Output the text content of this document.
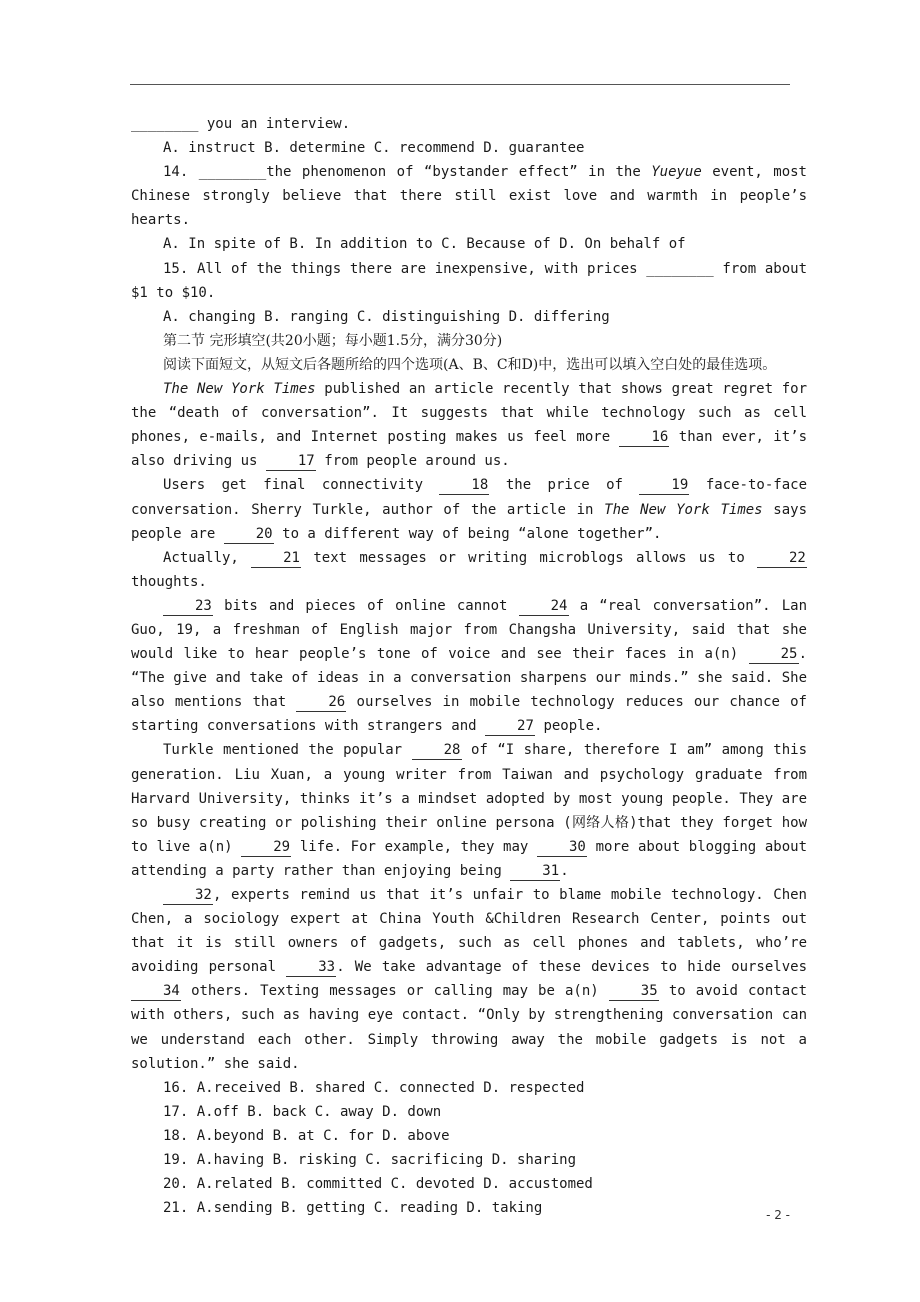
________ you an interview.

A. instruct B. determine C. recommend D. guarantee

14. ________the phenomenon of “bystander effect” in the Yueyue event, most Chinese strongly believe that there still exist love and warmth in people’s hearts.

A. In spite of B. In addition to C. Because of D. On behalf of

15. All of the things there are inexpensive, with prices ________ from about $1 to $10.

A. changing B. ranging C. distinguishing D. differing

第二节 完形填空(共20小题；每小题1.5分，满分30分)

阅读下面短文，从短文后各题所给的四个选项(A、B、C和D)中，选出可以填入空白处的最佳选项。

The New York Times published an article recently that shows great regret for the “death of conversation”. It suggests that while technology such as cell phones, e-mails, and Internet posting makes us feel more 16 than ever, it’s also driving us 17 from people around us.

Users get final connectivity 18 the price of 19 face-to-face conversation. Sherry Turkle, author of the article in The New York Times says people are 20 to a different way of being “alone together”.

Actually, 21 text messages or writing microblogs allows us to 22 thoughts.

23 bits and pieces of online cannot 24 a “real conversation”. Lan Guo, 19, a freshman of English major from Changsha University, said that she would like to hear people’s tone of voice and see their faces in a(n) 25. “The give and take of ideas in a conversation sharpens our minds.” she said. She also mentions that 26 ourselves in mobile technology reduces our chance of starting conversations with strangers and 27 people.

Turkle mentioned the popular 28 of “I share, therefore I am” among this generation. Liu Xuan, a young writer from Taiwan and psychology graduate from Harvard University, thinks it’s a mindset adopted by most young people. They are so busy creating or polishing their online persona (网络人格)that they forget how to live a(n) 29 life. For example, they may 30 more about blogging about attending a party rather than enjoying being 31.

32, experts remind us that it’s unfair to blame mobile technology. Chen Chen, a sociology expert at China Youth &Children Research Center, points out that it is still owners of gadgets, such as cell phones and tablets, who’re avoiding personal 33. We take advantage of these devices to hide ourselves 34 others. Texting messages or calling may be a(n) 35 to avoid contact with others, such as having eye contact. “Only by strengthening conversation can we understand each other. Simply throwing away the mobile gadgets is not a solution.” she said.

16. A.received B. shared C. connected D. respected

17. A.off B. back C. away D. down

18. A.beyond B. at C. for D. above

19. A.having B. risking C. sacrificing D. sharing

20. A.related B. committed C. devoted D. accustomed

21. A.sending B. getting C. reading D. taking	- 2 -
